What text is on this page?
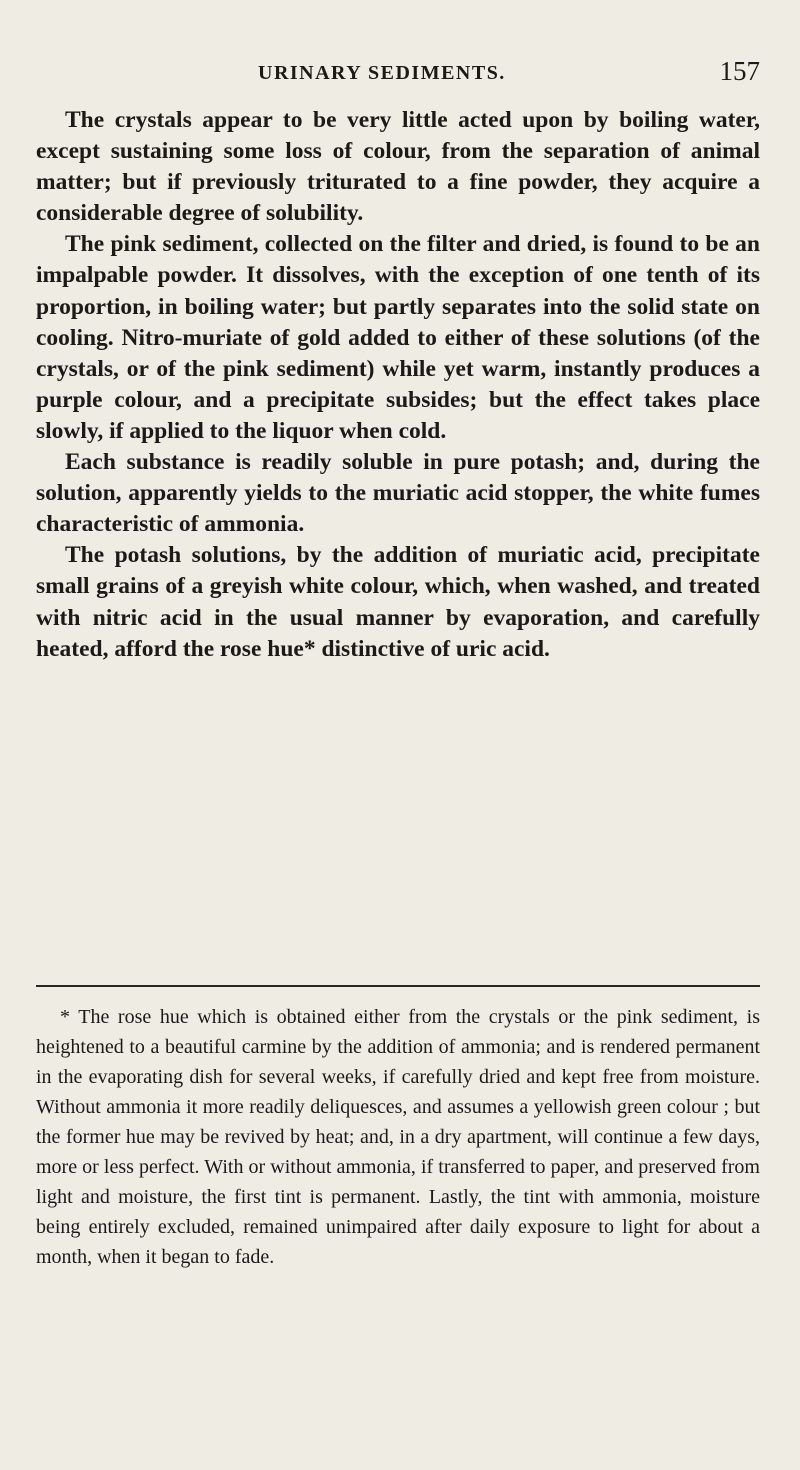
URINARY SEDIMENTS.	157

The crystals appear to be very little acted upon by boiling water, except sustaining some loss of colour, from the separation of animal matter; but if previously triturated to a fine powder, they acquire a considerable degree of solubility.

The pink sediment, collected on the filter and dried, is found to be an impalpable powder. It dissolves, with the exception of one tenth of its proportion, in boiling water; but partly separates into the solid state on cooling. Nitro-muriate of gold added to either of these solutions (of the crystals, or of the pink sediment) while yet warm, instantly produces a purple colour, and a precipitate subsides; but the effect takes place slowly, if applied to the liquor when cold.

Each substance is readily soluble in pure potash; and, during the solution, apparently yields to the muriatic acid stopper, the white fumes characteristic of ammonia.

The potash solutions, by the addition of muriatic acid, precipitate small grains of a greyish white colour, which, when washed, and treated with nitric acid in the usual manner by evaporation, and carefully heated, afford the rose hue* distinctive of uric acid.

* The rose hue which is obtained either from the crystals or the pink sediment, is heightened to a beautiful carmine by the addition of ammonia; and is rendered permanent in the evaporating dish for several weeks, if carefully dried and kept free from moisture. Without ammonia it more readily deliquesces, and assumes a yellowish green colour ; but the former hue may be revived by heat; and, in a dry apartment, will continue a few days, more or less perfect. With or without ammonia, if transferred to paper, and preserved from light and moisture, the first tint is permanent. Lastly, the tint with ammonia, moisture being entirely excluded, remained unimpaired after daily exposure to light for about a month, when it began to fade.
